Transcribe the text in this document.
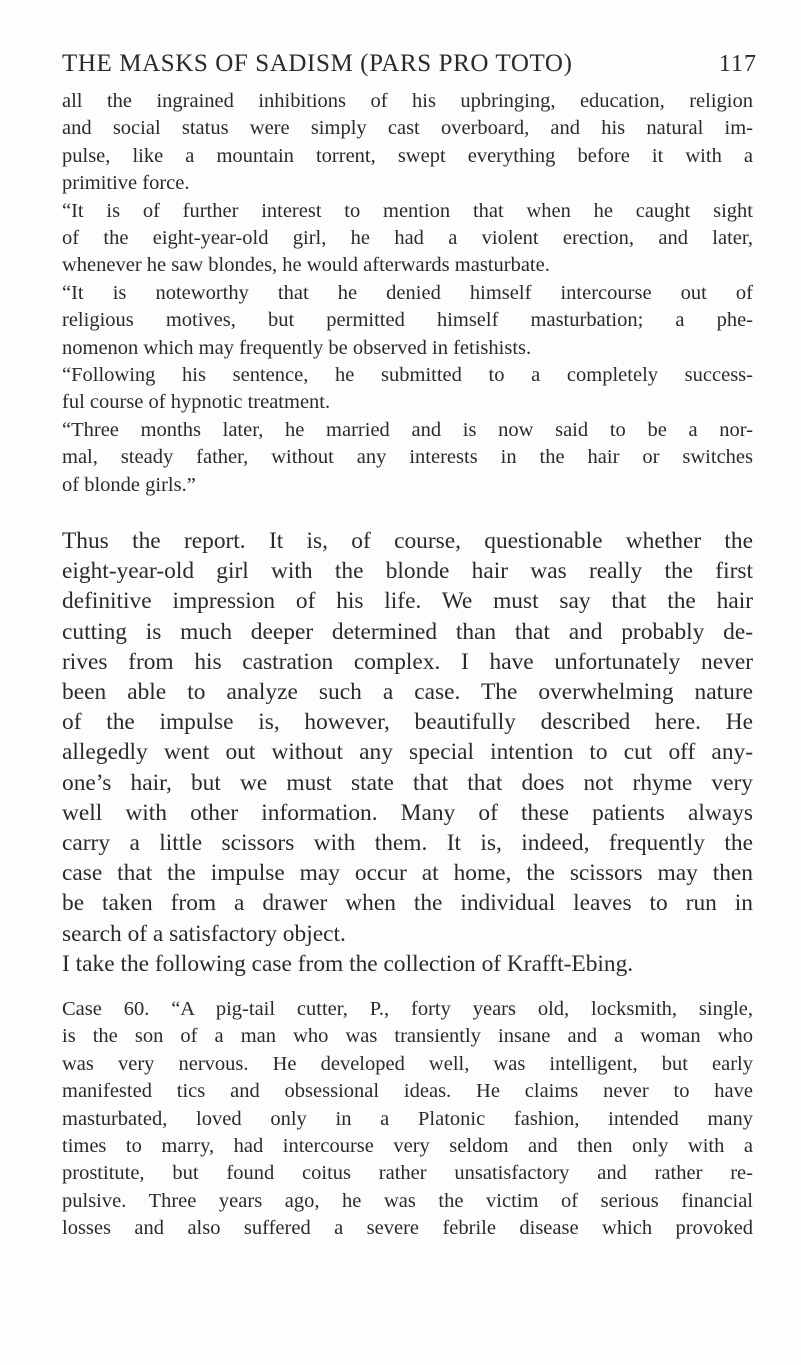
THE MASKS OF SADISM (PARS PRO TOTO)	117
all the ingrained inhibitions of his upbringing, education, religion
and social status were simply cast overboard, and his natural im-
pulse, like a mountain torrent, swept everything before it with a
primitive force.
“It is of further interest to mention that when he caught sight
of the eight-year-old girl, he had a violent erection, and later,
whenever he saw blondes, he would afterwards masturbate.
“It is noteworthy that he denied himself intercourse out of
religious motives, but permitted himself masturbation; a phe-
nomenon which may frequently be observed in fetishists.
“Following his sentence, he submitted to a completely success-
ful course of hypnotic treatment.
“Three months later, he married and is now said to be a nor-
mal, steady father, without any interests in the hair or switches
of blonde girls.”
Thus the report. It is, of course, questionable whether the
eight-year-old girl with the blonde hair was really the first
definitive impression of his life. We must say that the hair
cutting is much deeper determined than that and probably de-
rives from his castration complex. I have unfortunately never
been able to analyze such a case. The overwhelming nature
of the impulse is, however, beautifully described here. He
allegedly went out without any special intention to cut off any-
one’s hair, but we must state that that does not rhyme very
well with other information. Many of these patients always
carry a little scissors with them. It is, indeed, frequently the
case that the impulse may occur at home, the scissors may then
be taken from a drawer when the individual leaves to run in
search of a satisfactory object.
I take the following case from the collection of Krafft-Ebing.
Case 60. “A pig-tail cutter, P., forty years old, locksmith, single,
is the son of a man who was transiently insane and a woman who
was very nervous. He developed well, was intelligent, but early
manifested tics and obsessional ideas. He claims never to have
masturbated, loved only in a Platonic fashion, intended many
times to marry, had intercourse very seldom and then only with a
prostitute, but found coitus rather unsatisfactory and rather re-
pulsive. Three years ago, he was the victim of serious financial
losses and also suffered a severe febrile disease which provoked
